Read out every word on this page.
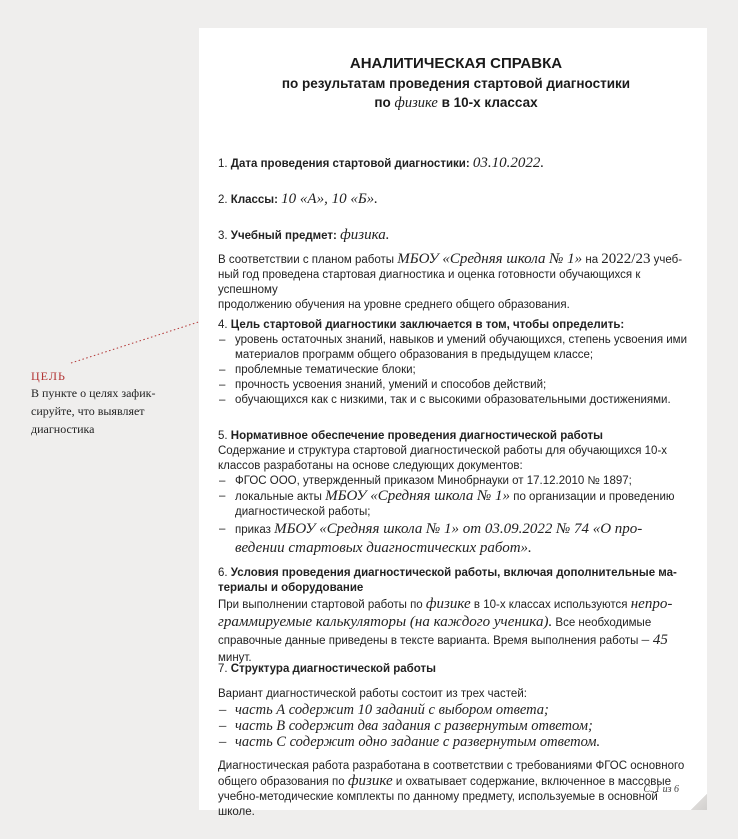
ЦЕЛЬ
В пункте о целях зафик-
сируйте, что выявляет
диагностика
АНАЛИТИЧЕСКАЯ СПРАВКА
по результатам проведения стартовой диагностики
по физике в 10-х классах

1. Дата проведения стартовой диагностики: 03.10.2022.

2. Классы: 10 «А», 10 «Б».

3. Учебный предмет: физика.

В соответствии с планом работы МБОУ «Средняя школа № 1» на 2022/23 учеб-

ный год проведена стартовая диагностика и оценка готовности обучающихся к успешному

продолжению обучения на уровне среднего общего образования.

4. Цель стартовой диагностики заключается в том, чтобы определить:

– уровень остаточных знаний, навыков и умений обучающихся, степень усвоения ими материалов программ общего образования в предыдущем классе;
– проблемные тематические блоки;
– прочность усвоения знаний, умений и способов действий;
– обучающихся как с низкими, так и с высокими образовательными достижениями.

5. Нормативное обеспечение проведения диагностической работы

Содержание и структура стартовой диагностической работы для обучающихся 10-х классов разработаны на основе следующих документов:

– ФГОС ООО, утвержденный приказом Минобрнауки от 17.12.2010 № 1897;
– локальные акты МБОУ «Средняя школа № 1» по организации и проведению
диагностической работы;
– приказ МБОУ «Средняя школа № 1» от 03.09.2022 № 74 «О про-
ведении стартовых диагностических работ».

6. Условия проведения диагностической работы, включая дополнительные ма-

териалы и оборудование

При выполнении стартовой работы по физике в 10-х классах используются непро-

граммируемые калькуляторы (на каждого ученика). Все необходимые

справочные данные приведены в тексте варианта. Время выполнения работы – 45 минут.

7. Структура диагностической работы

Вариант диагностической работы состоит из трех частей:

– часть А содержит 10 заданий с выбором ответа;
– часть В содержит два задания с развернутым ответом;
– часть С содержит одно задание с развернутым ответом.

Диагностическая работа разработана в соответствии с требованиями ФГОС основного

общего образования по физике и охватывает содержание, включенное в массовые

учебно-методические комплекты по данному предмету, используемые в основной школе.

С. 1 из 6
